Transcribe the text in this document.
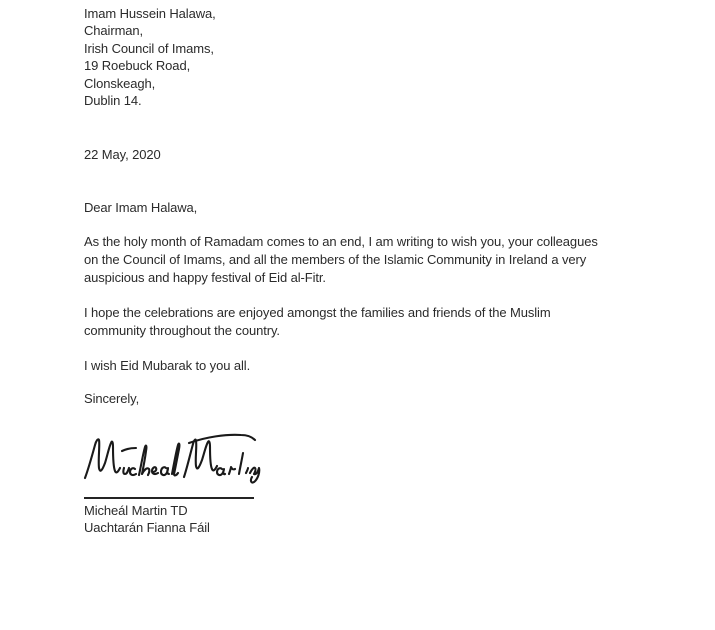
Imam Hussein Halawa,
Chairman,
Irish Council of Imams,
19 Roebuck Road,
Clonskeagh,
Dublin 14.
22 May, 2020
Dear Imam Halawa,
As the holy month of Ramadam comes to an end, I am writing to wish you, your colleagues
on the Council of Imams, and all the members of the Islamic Community in Ireland a very
auspicious and happy festival of Eid al-Fitr.
I hope the celebrations are enjoyed amongst the families and friends of the Muslim
community throughout the country.
I wish Eid Mubarak to you all.
Sincerely,
Micheál Martin TD
Uachtarán Fianna Fáil
